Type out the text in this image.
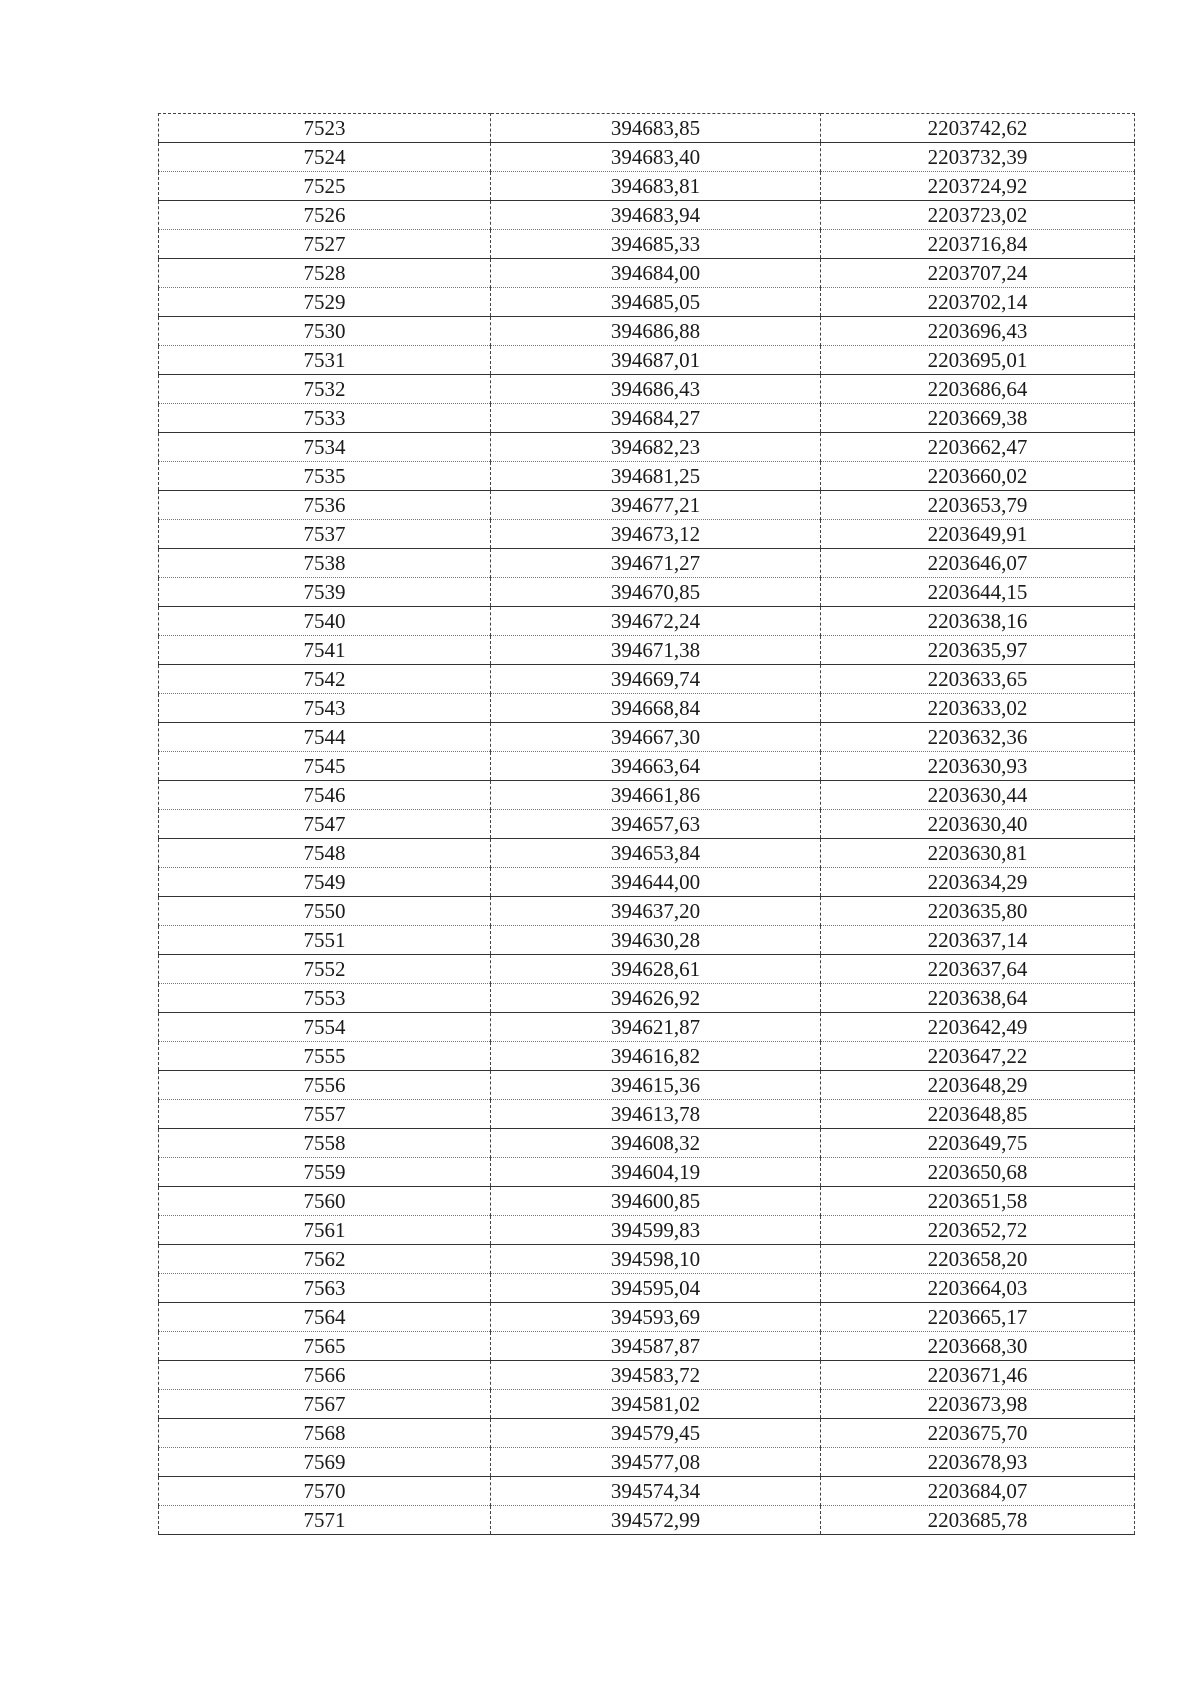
7523	394683,85	2203742,62
7524	394683,40	2203732,39
7525	394683,81	2203724,92
7526	394683,94	2203723,02
7527	394685,33	2203716,84
7528	394684,00	2203707,24
7529	394685,05	2203702,14
7530	394686,88	2203696,43
7531	394687,01	2203695,01
7532	394686,43	2203686,64
7533	394684,27	2203669,38
7534	394682,23	2203662,47
7535	394681,25	2203660,02
7536	394677,21	2203653,79
7537	394673,12	2203649,91
7538	394671,27	2203646,07
7539	394670,85	2203644,15
7540	394672,24	2203638,16
7541	394671,38	2203635,97
7542	394669,74	2203633,65
7543	394668,84	2203633,02
7544	394667,30	2203632,36
7545	394663,64	2203630,93
7546	394661,86	2203630,44
7547	394657,63	2203630,40
7548	394653,84	2203630,81
7549	394644,00	2203634,29
7550	394637,20	2203635,80
7551	394630,28	2203637,14
7552	394628,61	2203637,64
7553	394626,92	2203638,64
7554	394621,87	2203642,49
7555	394616,82	2203647,22
7556	394615,36	2203648,29
7557	394613,78	2203648,85
7558	394608,32	2203649,75
7559	394604,19	2203650,68
7560	394600,85	2203651,58
7561	394599,83	2203652,72
7562	394598,10	2203658,20
7563	394595,04	2203664,03
7564	394593,69	2203665,17
7565	394587,87	2203668,30
7566	394583,72	2203671,46
7567	394581,02	2203673,98
7568	394579,45	2203675,70
7569	394577,08	2203678,93
7570	394574,34	2203684,07
7571	394572,99	2203685,78
